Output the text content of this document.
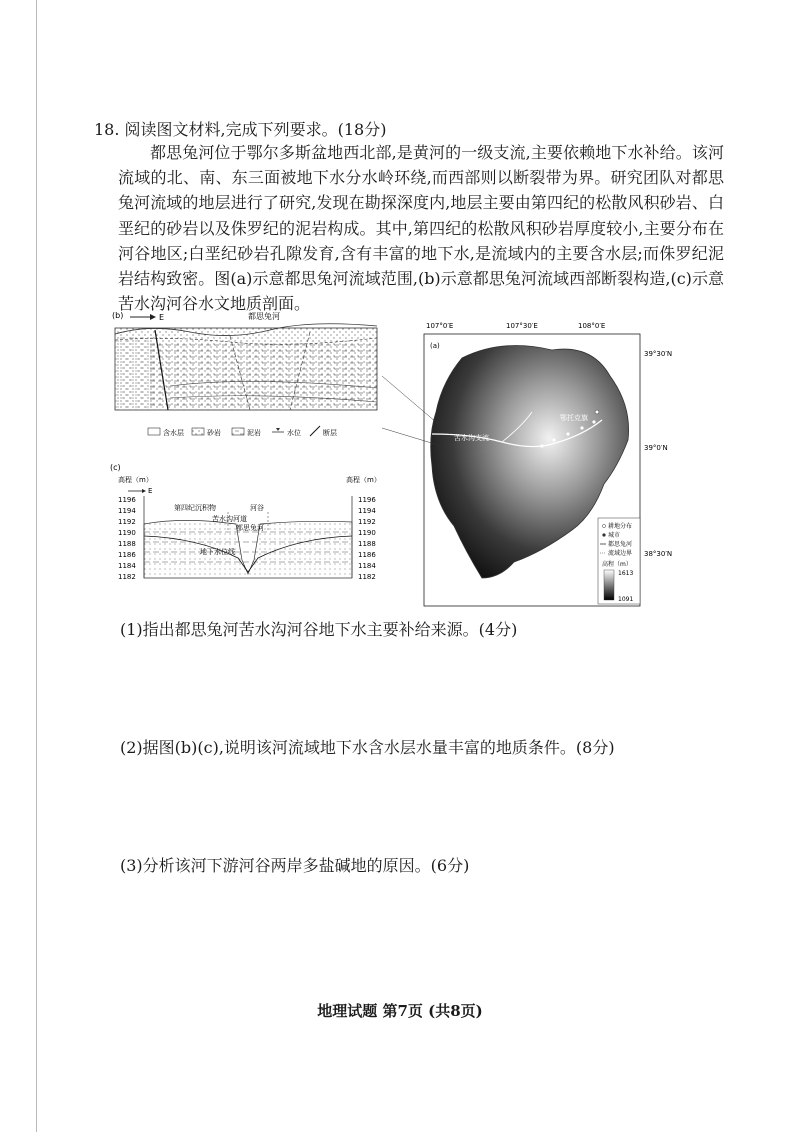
18. 阅读图文材料,完成下列要求。(18分)
都思兔河位于鄂尔多斯盆地西北部,是黄河的一级支流,主要依赖地下水补给。该河流域的北、南、东三面被地下水分水岭环绕,而西部则以断裂带为界。研究团队对都思兔河流域的地层进行了研究,发现在勘探深度内,地层主要由第四纪的松散风积砂岩、白垩纪的砂岩以及侏罗纪的泥岩构成。其中,第四纪的松散风积砂岩厚度较小,主要分布在河谷地区;白垩纪砂岩孔隙发育,含有丰富的地下水,是流域内的主要含水层;而侏罗纪泥岩结构致密。图(a)示意都思兔河流域范围,(b)示意都思兔河流域西部断裂构造,(c)示意苦水沟河谷水文地质剖面。
(b)	E	都思兔河
含水层	砂岩	泥岩	水位	断层
(c)
高程（m）	高程（m）
E
1196
1194
1192
1190
1188
1186
1184
1182
1196
1194
1192
1190
1188
1186
1184
1182
第四纪沉积物	河谷
苦水沟河道
都思兔河
地下水位线
107°0′E	107°30′E	108°0′E
(a)
39°30′N
39°0′N
38°30′N
苦水沟支流
鄂托克旗
耕地分布
城市
都思兔河
流域边界
高程（m）
1613
1091
(1)指出都思兔河苦水沟河谷地下水主要补给来源。(4分)
(2)据图(b)(c),说明该河流域地下水含水层水量丰富的地质条件。(8分)
(3)分析该河下游河谷两岸多盐碱地的原因。(6分)
地理试题 第7页 (共8页)
